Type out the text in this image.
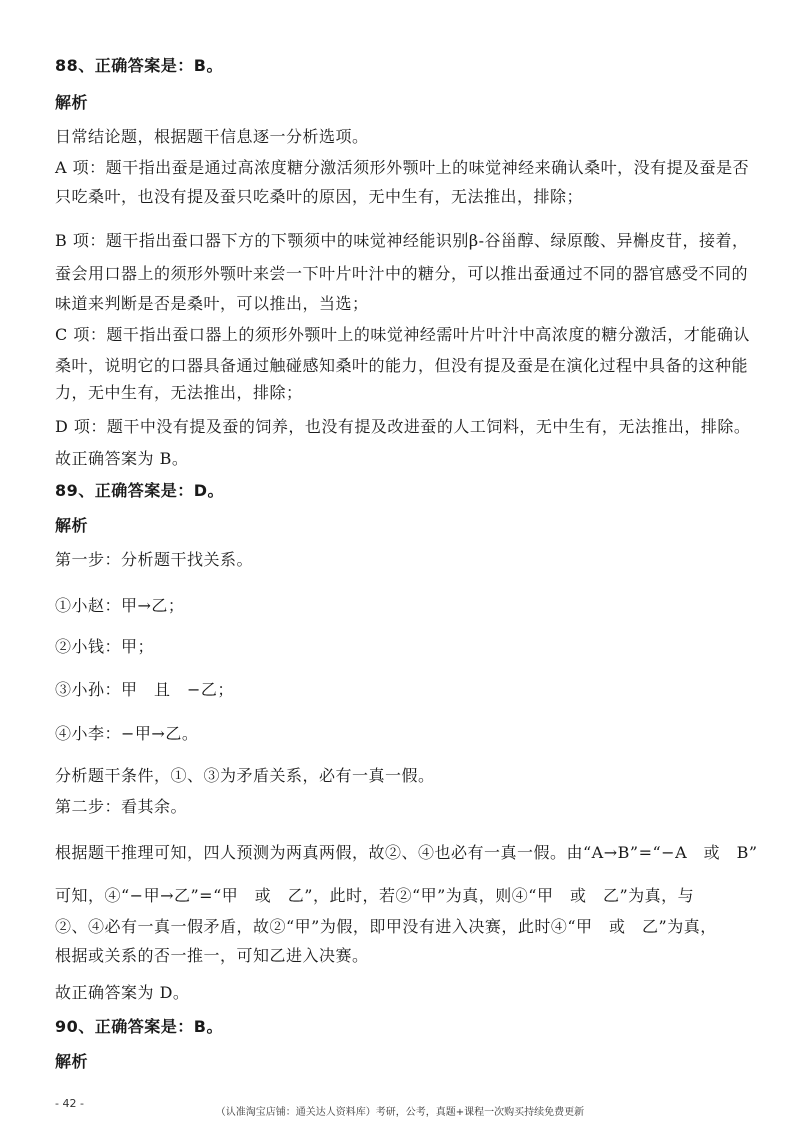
88、正确答案是：B。
解析
日常结论题，根据题干信息逐一分析选项。
A 项：题干指出蚕是通过高浓度糖分激活须形外颚叶上的味觉神经来确认桑叶，没有提及蚕是否
只吃桑叶，也没有提及蚕只吃桑叶的原因，无中生有，无法推出，排除；
B 项：题干指出蚕口器下方的下颚须中的味觉神经能识别β-谷甾醇、绿原酸、异槲皮苷，接着，
蚕会用口器上的须形外颚叶来尝一下叶片叶汁中的糖分，可以推出蚕通过不同的器官感受不同的
味道来判断是否是桑叶，可以推出，当选；
C 项：题干指出蚕口器上的须形外颚叶上的味觉神经需叶片叶汁中高浓度的糖分激活，才能确认
桑叶，说明它的口器具备通过触碰感知桑叶的能力，但没有提及蚕是在演化过程中具备的这种能
力，无中生有，无法推出，排除；
D 项：题干中没有提及蚕的饲养，也没有提及改进蚕的人工饲料，无中生有，无法推出，排除。
故正确答案为 B。
89、正确答案是：D。
解析
第一步：分析题干找关系。
①小赵：甲→乙；
②小钱：甲；
③小孙：甲　且　−乙；
④小李：−甲→乙。
分析题干条件，①、③为矛盾关系，必有一真一假。
第二步：看其余。
根据题干推理可知，四人预测为两真两假，故②、④也必有一真一假。由“A→B”=“−A　或　B”
可知，④“−甲→乙”=“甲　或　乙”，此时，若②“甲”为真，则④“甲　或　乙”为真，与
②、④必有一真一假矛盾，故②“甲”为假，即甲没有进入决赛，此时④“甲　或　乙”为真，
根据或关系的否一推一，可知乙进入决赛。
故正确答案为 D。
90、正确答案是：B。
解析
- 42 -
（认准淘宝店铺：通关达人资料库）考研，公考，真题+课程一次购买持续免费更新
